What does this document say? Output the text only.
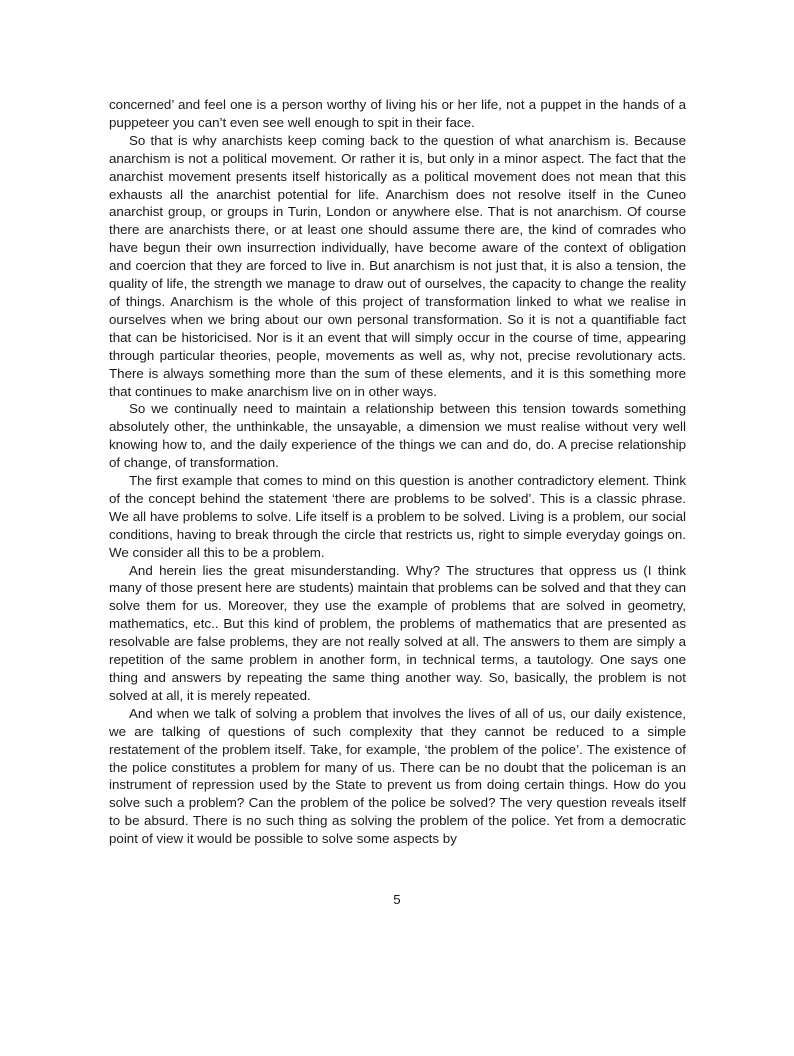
concerned’ and feel one is a person worthy of living his or her life, not a puppet in the hands of a puppeteer you can’t even see well enough to spit in their face.

So that is why anarchists keep coming back to the question of what anarchism is. Because anarchism is not a political movement. Or rather it is, but only in a minor aspect. The fact that the anarchist movement presents itself historically as a political movement does not mean that this exhausts all the anarchist potential for life. Anarchism does not resolve itself in the Cuneo anarchist group, or groups in Turin, London or anywhere else. That is not anarchism. Of course there are anarchists there, or at least one should assume there are, the kind of comrades who have begun their own insurrection individually, have become aware of the context of obligation and coercion that they are forced to live in. But anarchism is not just that, it is also a tension, the quality of life, the strength we manage to draw out of ourselves, the capacity to change the reality of things. Anarchism is the whole of this project of transformation linked to what we realise in ourselves when we bring about our own personal transformation. So it is not a quantifiable fact that can be historicised. Nor is it an event that will simply occur in the course of time, appearing through particular theories, people, movements as well as, why not, precise revolutionary acts. There is always something more than the sum of these elements, and it is this something more that continues to make anarchism live on in other ways.

So we continually need to maintain a relationship between this tension towards something absolutely other, the unthinkable, the unsayable, a dimension we must realise without very well knowing how to, and the daily experience of the things we can and do, do. A precise relationship of change, of transformation.

The first example that comes to mind on this question is another contradictory element. Think of the concept behind the statement ‘there are problems to be solved’. This is a classic phrase. We all have problems to solve. Life itself is a problem to be solved. Living is a problem, our social conditions, having to break through the circle that restricts us, right to simple everyday goings on. We consider all this to be a problem.

And herein lies the great misunderstanding. Why? The structures that oppress us (I think many of those present here are students) maintain that problems can be solved and that they can solve them for us. Moreover, they use the example of problems that are solved in geometry, mathematics, etc.. But this kind of problem, the problems of mathematics that are presented as resolvable are false problems, they are not really solved at all. The answers to them are simply a repetition of the same problem in another form, in technical terms, a tautology. One says one thing and answers by repeating the same thing another way. So, basically, the problem is not solved at all, it is merely repeated.

And when we talk of solving a problem that involves the lives of all of us, our daily existence, we are talking of questions of such complexity that they cannot be reduced to a simple restatement of the problem itself. Take, for example, ‘the problem of the police’. The existence of the police constitutes a problem for many of us. There can be no doubt that the policeman is an instrument of repression used by the State to prevent us from doing certain things. How do you solve such a problem? Can the problem of the police be solved? The very question reveals itself to be absurd. There is no such thing as solving the problem of the police. Yet from a democratic point of view it would be possible to solve some aspects by

5
